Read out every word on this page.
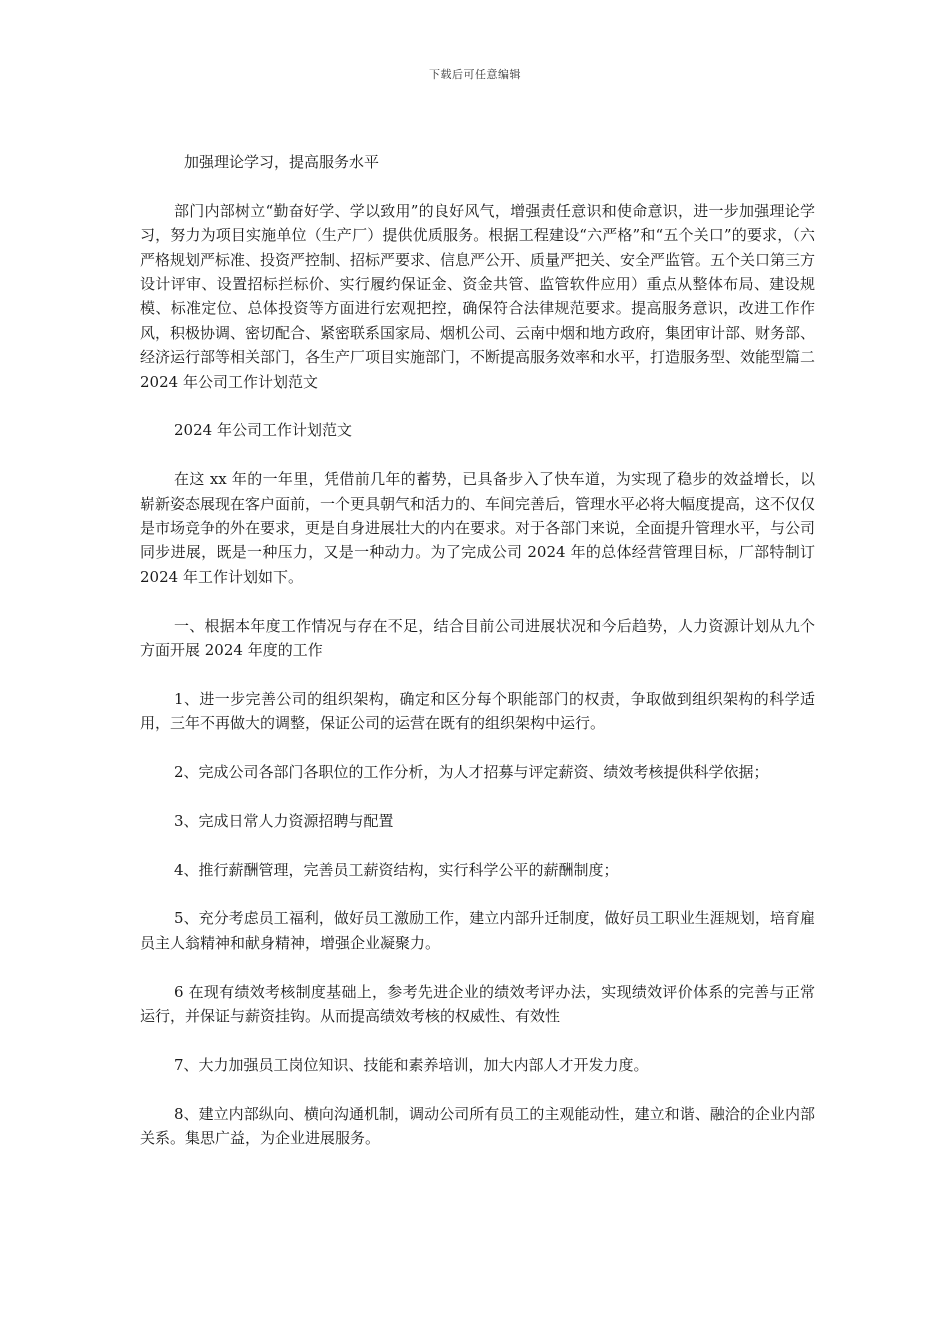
下载后可任意编辑

加强理论学习，提高服务水平

部门内部树立“勤奋好学、学以致用”的良好风气，增强责任意识和使命意识，进一步加强理论学习，努力为项目实施单位（生产厂）提供优质服务。根据工程建设“六严格”和“五个关口”的要求，（六严格规划严标准、投资严控制、招标严要求、信息严公开、质量严把关、安全严监管。五个关口第三方设计评审、设置招标拦标价、实行履约保证金、资金共管、监管软件应用）重点从整体布局、建设规模、标准定位、总体投资等方面进行宏观把控，确保符合法律规范要求。提高服务意识，改进工作作风，积极协调、密切配合、紧密联系国家局、烟机公司、云南中烟和地方政府，集团审计部、财务部、经济运行部等相关部门，各生产厂项目实施部门，不断提高服务效率和水平，打造服务型、效能型篇二 2024 年公司工作计划范文

2024 年公司工作计划范文

在这 xx 年的一年里，凭借前几年的蓄势，已具备步入了快车道，为实现了稳步的效益增长，以崭新姿态展现在客户面前，一个更具朝气和活力的、车间完善后，管理水平必将大幅度提高，这不仅仅是市场竞争的外在要求，更是自身进展壮大的内在要求。对于各部门来说，全面提升管理水平，与公司同步进展，既是一种压力，又是一种动力。为了完成公司 2024 年的总体经营管理目标，厂部特制订 2024 年工作计划如下。

一、根据本年度工作情况与存在不足，结合目前公司进展状况和今后趋势，人力资源计划从九个方面开展 2024 年度的工作

1、进一步完善公司的组织架构，确定和区分每个职能部门的权责，争取做到组织架构的科学适用，三年不再做大的调整，保证公司的运营在既有的组织架构中运行。

2、完成公司各部门各职位的工作分析，为人才招募与评定薪资、绩效考核提供科学依据；

3、完成日常人力资源招聘与配置

4、推行薪酬管理，完善员工薪资结构，实行科学公平的薪酬制度；

5、充分考虑员工福利，做好员工激励工作，建立内部升迁制度，做好员工职业生涯规划，培育雇员主人翁精神和献身精神，增强企业凝聚力。

6 在现有绩效考核制度基础上，参考先进企业的绩效考评办法，实现绩效评价体系的完善与正常运行，并保证与薪资挂钩。从而提高绩效考核的权威性、有效性

7、大力加强员工岗位知识、技能和素养培训，加大内部人才开发力度。

8、建立内部纵向、横向沟通机制，调动公司所有员工的主观能动性，建立和谐、融洽的企业内部关系。集思广益，为企业进展服务。
